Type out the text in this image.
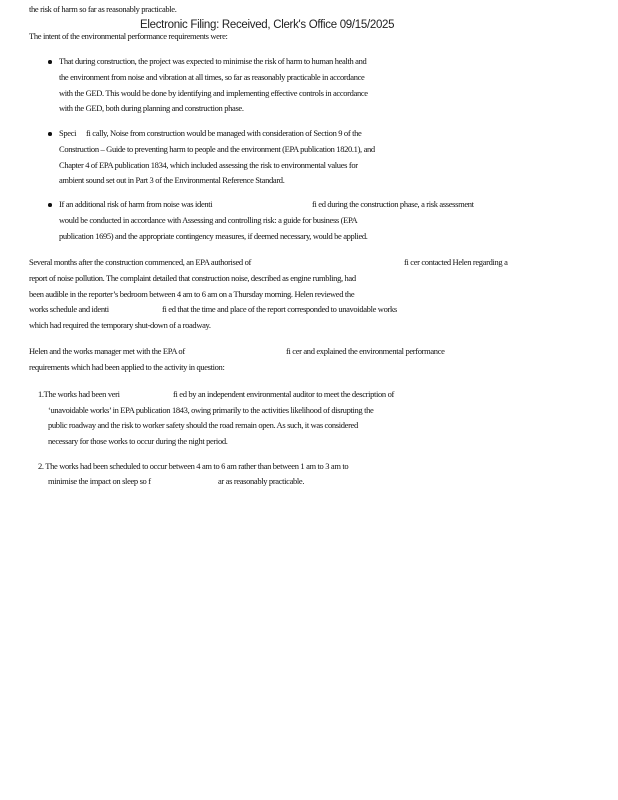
the risk of harm so far as reasonably practicable.
Electronic Filing: Received, Clerk's Office 09/15/2025
The intent of the environmental performance requirements were:
That during construction, the project was expected to minimise the risk of harm to human health and
the environment from noise and vibration at all times, so far as reasonably practicable in accordance
with the GED. This would be done by identifying and implementing effective controls in accordance
with the GED, both during planning and construction phase.
Speci fi cally, Noise from construction would be managed with consideration of Section 9 of the
Construction – Guide to preventing harm to people and the environment (EPA publication 1820.1), and
Chapter 4 of EPA publication 1834, which included assessing the risk to environmental values for
ambient sound set out in Part 3 of the Environmental Reference Standard.
If an additional risk of harm from noise was identi	fi ed during the construction phase, a risk assessment
would be conducted in accordance with Assessing and controlling risk: a guide for business (EPA
publication 1695) and the appropriate contingency measures, if deemed necessary, would be applied.
Several months after the construction commenced, an EPA authorised of	fi cer contacted Helen regarding a
report of noise pollution. The complaint detailed that construction noise, described as engine rumbling, had
been audible in the reporter’s bedroom between 4 am to 6 am on a Thursday morning. Helen reviewed the
works schedule and identi	fi ed that the time and place of the report corresponded to unavoidable works
which had required the temporary shut-down of a roadway.
Helen and the works manager met with the EPA of	fi cer and explained the environmental performance
requirements which had been applied to the activity in question:
1.The works had been veri	fi ed by an independent environmental auditor to meet the description of
‘unavoidable works’ in EPA publication 1843, owing primarily to the activities likelihood of disrupting the
public roadway and the risk to worker safety should the road remain open. As such, it was considered
necessary for those works to occur during the night period.
2. The works had been scheduled to occur between 4 am to 6 am rather than between 1 am to 3 am to
minimise the impact on sleep so f	ar as reasonably practicable.
